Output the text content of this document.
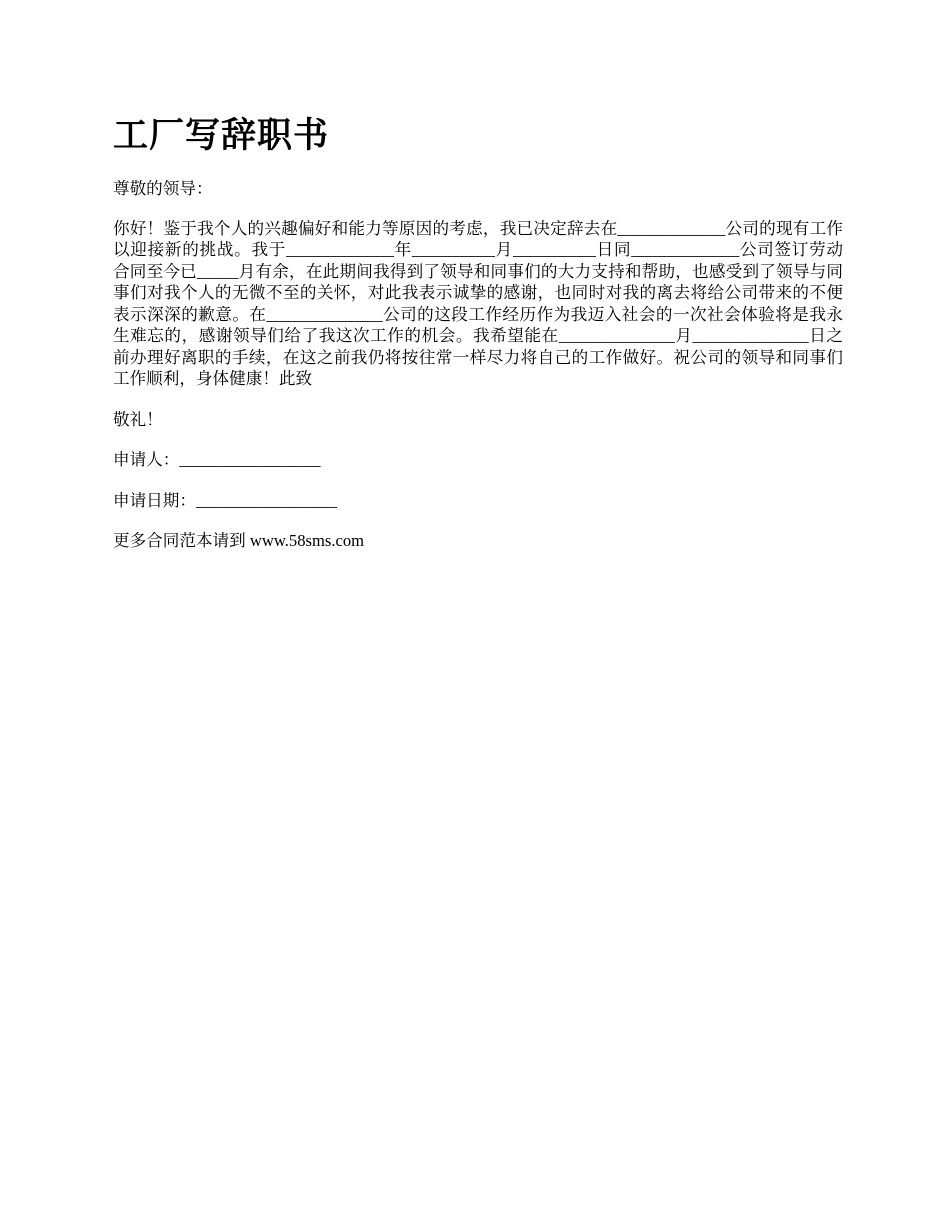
工厂写辞职书

尊敬的领导：

你好！鉴于我个人的兴趣偏好和能力等原因的考虑，我已决定辞去在_____________公司的现有工作以迎接新的挑战。我于_____________年__________月__________日同_____________公司签订劳动合同至今已_____月有余，在此期间我得到了领导和同事们的大力支持和帮助，也感受到了领导与同事们对我个人的无微不至的关怀，对此我表示诚挚的感谢，也同时对我的离去将给公司带来的不便表示深深的歉意。在______________公司的这段工作经历作为我迈入社会的一次社会体验将是我永生难忘的，感谢领导们给了我这次工作的机会。我希望能在______________月______________日之前办理好离职的手续，在这之前我仍将按往常一样尽力将自己的工作做好。祝公司的领导和同事们工作顺利，身体健康！此致

敬礼！

申请人：_________________

申请日期：_________________

更多合同范本请到 www.58sms.com
